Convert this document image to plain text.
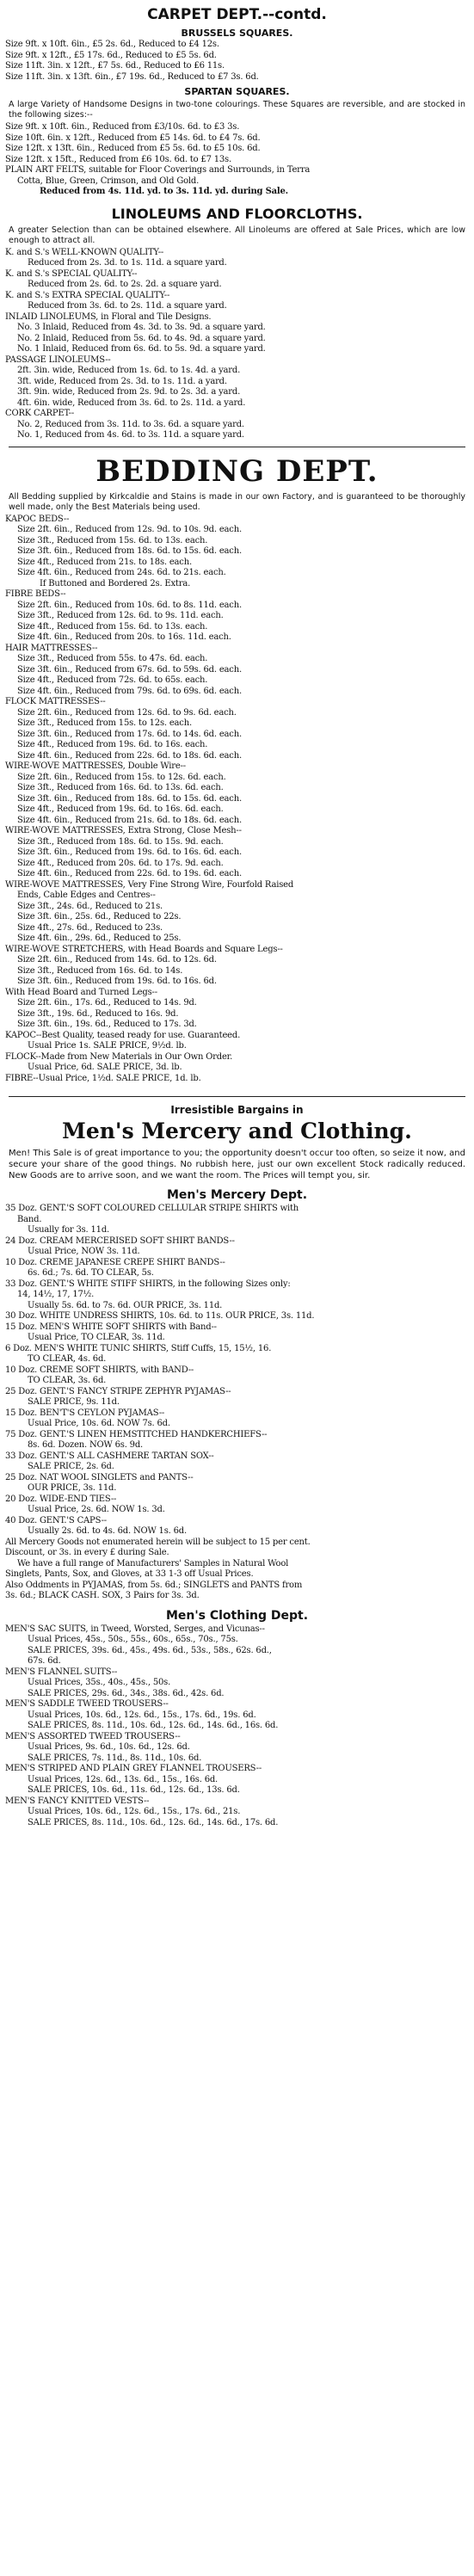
CARPET DEPT.--contd.
BRUSSELS SQUARES.
Size 9ft. x 10ft. 6in., £5 2s. 6d., Reduced to £4 12s.
Size 9ft. x 12ft., £5 17s. 6d., Reduced to £5 5s. 6d.
Size 11ft. 3in. x 12ft., £7 5s. 6d., Reduced to £6 11s.
Size 11ft. 3in. x 13ft. 6in., £7 19s. 6d., Reduced to £7 3s. 6d.
SPARTAN SQUARES.
A large Variety of Handsome Designs in two-tone colourings. These Squares are reversible, and are stocked in the following sizes:--
Size 9ft. x 10ft. 6in., Reduced from £3/10s. 6d. to £3 3s.
Size 10ft. 6in. x 12ft., Reduced from £5 14s. 6d. to £4 7s. 6d.
Size 12ft. x 13ft. 6in., Reduced from £5 5s. 6d. to £5 10s. 6d.
Size 12ft. x 15ft., Reduced from £6 10s. 6d. to £7 13s.
PLAIN ART FELTS, suitable for Floor Coverings and Surrounds, in Terra
Cotta, Blue, Green, Crimson, and Old Gold.
Reduced from 4s. 11d. yd. to 3s. 11d. yd. during Sale.
LINOLEUMS AND FLOORCLOTHS.
A greater Selection than can be obtained elsewhere. All Linoleums are offered at Sale Prices, which are low enough to attract all.
K. and S.'s WELL-KNOWN QUALITY--
Reduced from 2s. 3d. to 1s. 11d. a square yard.
K. and S.'s SPECIAL QUALITY--
Reduced from 2s. 6d. to 2s. 2d. a square yard.
K. and S.'s EXTRA SPECIAL QUALITY--
Reduced from 3s. 6d. to 2s. 11d. a square yard.
INLAID LINOLEUMS, in Floral and Tile Designs.
No. 3 Inlaid, Reduced from 4s. 3d. to 3s. 9d. a square yard.
No. 2 Inlaid, Reduced from 5s. 6d. to 4s. 9d. a square yard.
No. 1 Inlaid, Reduced from 6s. 6d. to 5s. 9d. a square yard.
PASSAGE LINOLEUMS--
2ft. 3in. wide, Reduced from 1s. 6d. to 1s. 4d. a yard.
3ft. wide, Reduced from 2s. 3d. to 1s. 11d. a yard.
3ft. 9in. wide, Reduced from 2s. 9d. to 2s. 3d. a yard.
4ft. 6in. wide, Reduced from 3s. 6d. to 2s. 11d. a yard.
CORK CARPET--
No. 2, Reduced from 3s. 11d. to 3s. 6d. a square yard.
No. 1, Reduced from 4s. 6d. to 3s. 11d. a square yard.
BEDDING DEPT.
All Bedding supplied by Kirkcaldie and Stains is made in our own Factory, and is guaranteed to be thoroughly well made, only the Best Materials being used.
KAPOC BEDS--
Size 2ft. 6in., Reduced from 12s. 9d. to 10s. 9d. each.
Size 3ft., Reduced from 15s. 6d. to 13s. each.
Size 3ft. 6in., Reduced from 18s. 6d. to 15s. 6d. each.
Size 4ft., Reduced from 21s. to 18s. each.
Size 4ft. 6in., Reduced from 24s. 6d. to 21s. each.
If Buttoned and Bordered 2s. Extra.
FIBRE BEDS--
Size 2ft. 6in., Reduced from 10s. 6d. to 8s. 11d. each.
Size 3ft., Reduced from 12s. 6d. to 9s. 11d. each.
Size 4ft., Reduced from 15s. 6d. to 13s. each.
Size 4ft. 6in., Reduced from 20s. to 16s. 11d. each.
HAIR MATTRESSES--
Size 3ft., Reduced from 55s. to 47s. 6d. each.
Size 3ft. 6in., Reduced from 67s. 6d. to 59s. 6d. each.
Size 4ft., Reduced from 72s. 6d. to 65s. each.
Size 4ft. 6in., Reduced from 79s. 6d. to 69s. 6d. each.
FLOCK MATTRESSES--
Size 2ft. 6in., Reduced from 12s. 6d. to 9s. 6d. each.
Size 3ft., Reduced from 15s. to 12s. each.
Size 3ft. 6in., Reduced from 17s. 6d. to 14s. 6d. each.
Size 4ft., Reduced from 19s. 6d. to 16s. each.
Size 4ft. 6in., Reduced from 22s. 6d. to 18s. 6d. each.
WIRE-WOVE MATTRESSES, Double Wire--
Size 2ft. 6in., Reduced from 15s. to 12s. 6d. each.
Size 3ft., Reduced from 16s. 6d. to 13s. 6d. each.
Size 3ft. 6in., Reduced from 18s. 6d. to 15s. 6d. each.
Size 4ft., Reduced from 19s. 6d. to 16s. 6d. each.
Size 4ft. 6in., Reduced from 21s. 6d. to 18s. 6d. each.
WIRE-WOVE MATTRESSES, Extra Strong, Close Mesh--
Size 3ft., Reduced from 18s. 6d. to 15s. 9d. each.
Size 3ft. 6in., Reduced from 19s. 6d. to 16s. 6d. each.
Size 4ft., Reduced from 20s. 6d. to 17s. 9d. each.
Size 4ft. 6in., Reduced from 22s. 6d. to 19s. 6d. each.
WIRE-WOVE MATTRESSES, Very Fine Strong Wire, Fourfold Raised
Ends, Cable Edges and Centres--
Size 3ft., 24s. 6d., Reduced to 21s.
Size 3ft. 6in., 25s. 6d., Reduced to 22s.
Size 4ft., 27s. 6d., Reduced to 23s.
Size 4ft. 6in., 29s. 6d., Reduced to 25s.
WIRE-WOVE STRETCHERS, with Head Boards and Square Legs--
Size 2ft. 6in., Reduced from 14s. 6d. to 12s. 6d.
Size 3ft., Reduced from 16s. 6d. to 14s.
Size 3ft. 6in., Reduced from 19s. 6d. to 16s. 6d.
With Head Board and Turned Legs--
Size 2ft. 6in., 17s. 6d., Reduced to 14s. 9d.
Size 3ft., 19s. 6d., Reduced to 16s. 9d.
Size 3ft. 6in., 19s. 6d., Reduced to 17s. 3d.
KAPOC--Best Quality, teased ready for use. Guaranteed.
Usual Price 1s. SALE PRICE, 9½d. lb.
FLOCK--Made from New Materials in Our Own Order.
Usual Price, 6d. SALE PRICE, 3d. lb.
FIBRE--Usual Price, 1½d. SALE PRICE, 1d. lb.
Irresistible Bargains in
Men's Mercery and Clothing.
Men! This Sale is of great importance to you; the opportunity doesn't occur too often, so seize it now, and secure your share of the good things. No rubbish here, just our own excellent Stock radically reduced. New Goods are to arrive soon, and we want the room. The Prices will tempt you, sir.
Men's Mercery Dept.
35 Doz. GENT.'S SOFT COLOURED CELLULAR STRIPE SHIRTS with
Band.
Usually for 3s. 11d.
24 Doz. CREAM MERCERISED SOFT SHIRT BANDS--
Usual Price, NOW 3s. 11d.
10 Doz. CREME JAPANESE CREPE SHIRT BANDS--
6s. 6d.; 7s. 6d. TO CLEAR, 5s.
33 Doz. GENT.'S WHITE STIFF SHIRTS, in the following Sizes only:
14, 14½, 17, 17½.
Usually 5s. 6d. to 7s. 6d. OUR PRICE, 3s. 11d.
30 Doz. WHITE UNDRESS SHIRTS, 10s. 6d. to 11s. OUR PRICE, 3s. 11d.
15 Doz. MEN'S WHITE SOFT SHIRTS with Band--
Usual Price, TO CLEAR, 3s. 11d.
6 Doz. MEN'S WHITE TUNIC SHIRTS, Stiff Cuffs, 15, 15½, 16.
TO CLEAR, 4s. 6d.
10 Doz. CREME SOFT SHIRTS, with BAND--
TO CLEAR, 3s. 6d.
25 Doz. GENT.'S FANCY STRIPE ZEPHYR PYJAMAS--
SALE PRICE, 9s. 11d.
15 Doz. BEN'T'S CEYLON PYJAMAS--
Usual Price, 10s. 6d. NOW 7s. 6d.
75 Doz. GENT.'S LINEN HEMSTITCHED HANDKERCHIEFS--
8s. 6d. Dozen. NOW 6s. 9d.
33 Doz. GENT.'S ALL CASHMERE TARTAN SOX--
SALE PRICE, 2s. 6d.
25 Doz. NAT WOOL SINGLETS and PANTS--
OUR PRICE, 3s. 11d.
20 Doz. WIDE-END TIES--
Usual Price, 2s. 6d. NOW 1s. 3d.
40 Doz. GENT.'S CAPS--
Usually 2s. 6d. to 4s. 6d. NOW 1s. 6d.
All Mercery Goods not enumerated herein will be subject to 15 per cent.
Discount, or 3s. in every £ during Sale.
We have a full range of Manufacturers' Samples in Natural Wool
Singlets, Pants, Sox, and Gloves, at 33 1-3 off Usual Prices.
Also Oddments in PYJAMAS, from 5s. 6d.; SINGLETS and PANTS from
3s. 6d.; BLACK CASH. SOX, 3 Pairs for 3s. 3d.
Men's Clothing Dept.
MEN'S SAC SUITS, in Tweed, Worsted, Serges, and Vicunas--
Usual Prices, 45s., 50s., 55s., 60s., 65s., 70s., 75s.
SALE PRICES, 39s. 6d., 45s., 49s. 6d., 53s., 58s., 62s. 6d.,
67s. 6d.
MEN'S FLANNEL SUITS--
Usual Prices, 35s., 40s., 45s., 50s.
SALE PRICES, 29s. 6d., 34s., 38s. 6d., 42s. 6d.
MEN'S SADDLE TWEED TROUSERS--
Usual Prices, 10s. 6d., 12s. 6d., 15s., 17s. 6d., 19s. 6d.
SALE PRICES, 8s. 11d., 10s. 6d., 12s. 6d., 14s. 6d., 16s. 6d.
MEN'S ASSORTED TWEED TROUSERS--
Usual Prices, 9s. 6d., 10s. 6d., 12s. 6d.
SALE PRICES, 7s. 11d., 8s. 11d., 10s. 6d.
MEN'S STRIPED AND PLAIN GREY FLANNEL TROUSERS--
Usual Prices, 12s. 6d., 13s. 6d., 15s., 16s. 6d.
SALE PRICES, 10s. 6d., 11s. 6d., 12s. 6d., 13s. 6d.
MEN'S FANCY KNITTED VESTS--
Usual Prices, 10s. 6d., 12s. 6d., 15s., 17s. 6d., 21s.
SALE PRICES, 8s. 11d., 10s. 6d., 12s. 6d., 14s. 6d., 17s. 6d.
